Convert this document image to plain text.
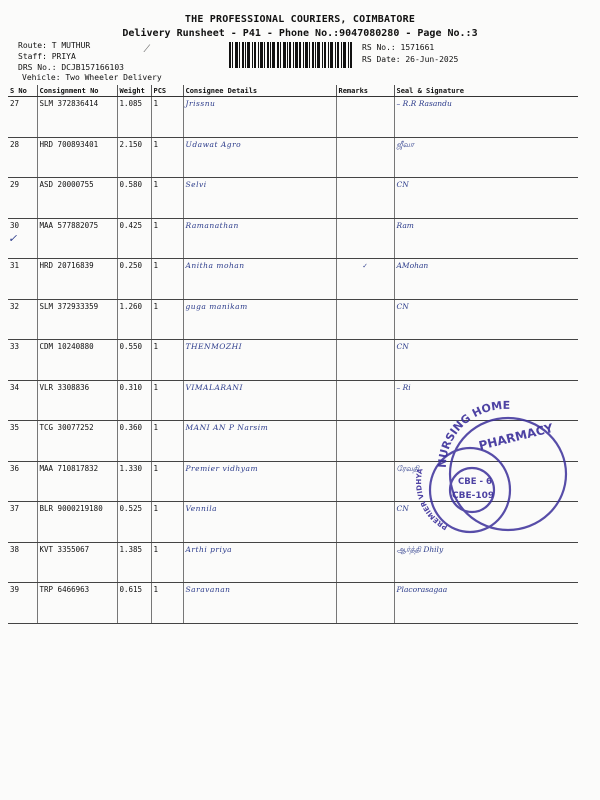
THE PROFESSIONAL COURIERS, COIMBATORE
Delivery Runsheet - P41 - Phone No.:9047080280 - Page No.:3
Route: T MUTHUR
Staff: PRIYA
DRS No.: DCJB157166103
Vehicle: Two Wheeler Delivery
RS No.: 1571661
RS Date: 26-Jun-2025
S No	Consignment No	Weight	PCS	Consignee Details	Remarks	Seal & Signature
27	SLM 372836414	1.085	1	Jrissnu		– R.R Rasandu
28	HRD 700893401	2.150	1	Udawat Agro		ஜீவா
29	ASD 20000755	0.580	1	Selvi		CN
30	MAA 577882075	0.425	1	Ramanathan		Ram
31	HRD 20716839	0.250	1	Anitha mohan	✓	AMohan
32	SLM 372933359	1.260	1	guga manikam		CN
33	CDM 10240880	0.550	1	THENMOZHI		CN
34	VLR 3308836	0.310	1	VIMALARANI		– Ri
35	TCG 30077252	0.360	1	MANI AN P Narsim		
36	MAA 710817832	1.330	1	Premier vidhyam		ரேவதி
37	BLR 9000219180	0.525	1	Vennila		CN
38	KVT 3355067	1.385	1	Arthi priya		ஆர்த்தி Dhily
39	TRP 6466963	0.615	1	Saravanan		Placorasagaa
NURSING HOME
PREMIER VIDHYA
PHARMACY
CBE - 6
CBE-109
✓
⁄
